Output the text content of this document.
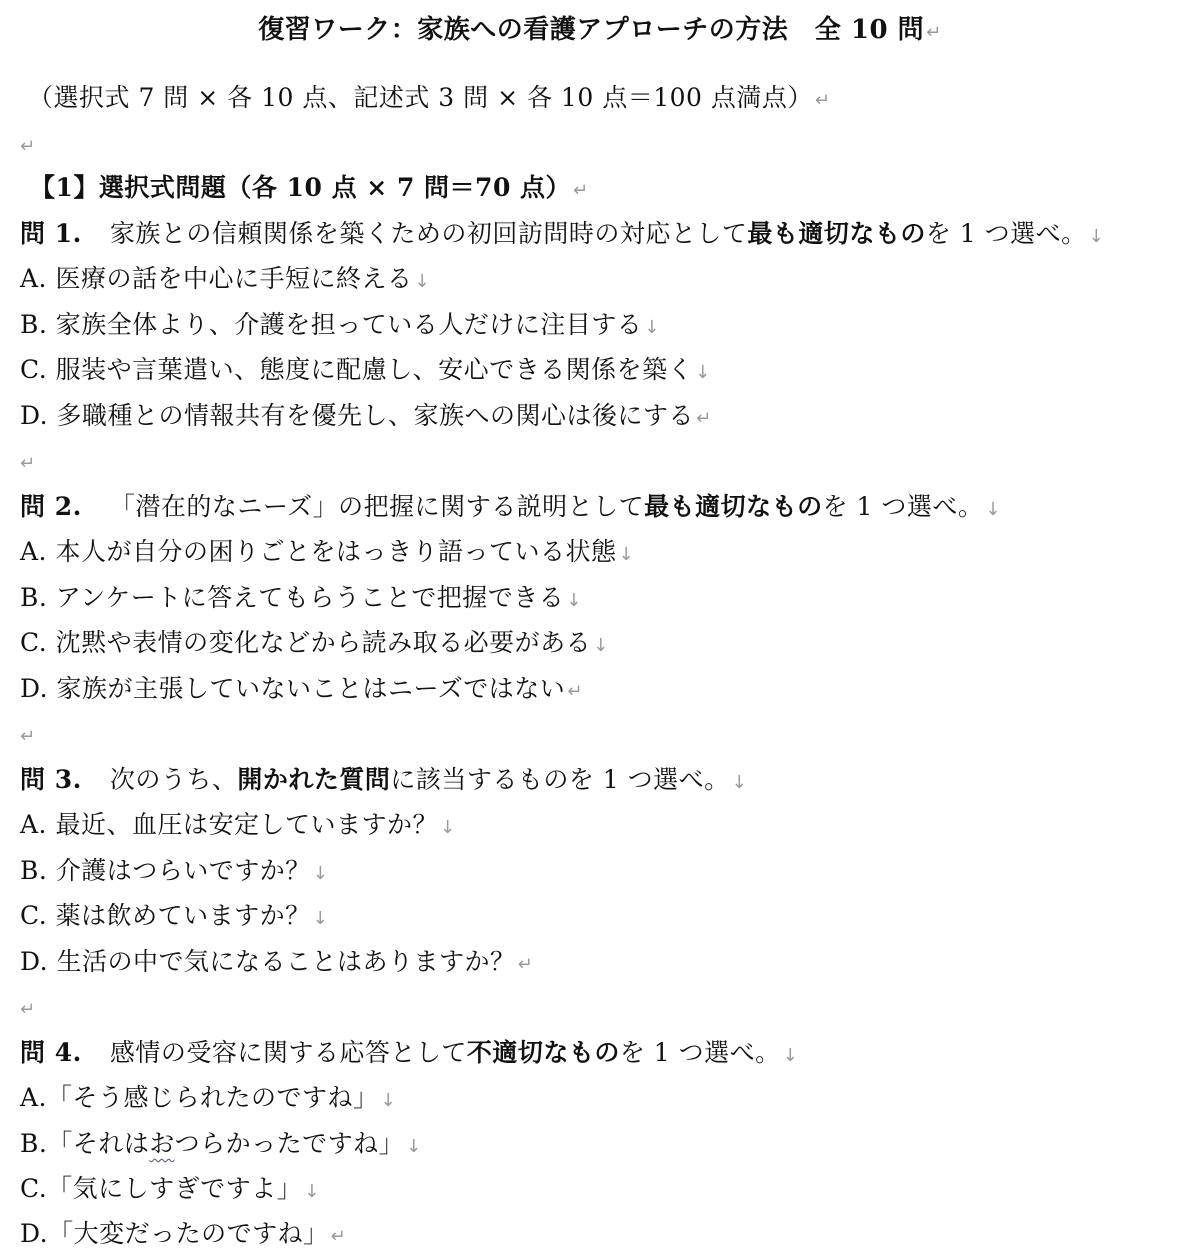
復習ワーク：家族への看護アプローチの方法　全 10 問 ↵
（選択式 7 問 × 各 10 点、記述式 3 問 × 各 10 点＝100 点満点） ↵
↵
【1】選択式問題（各 10 点 × 7 問＝70 点） ↵
問 1. 家族との信頼関係を築くための初回訪問時の対応として最も適切なものを 1 つ選べ。 ↓
A. 医療の話を中心に手短に終える ↓
B. 家族全体より、介護を担っている人だけに注目する ↓
C. 服装や言葉遣い、態度に配慮し、安心できる関係を築く ↓
D. 多職種との情報共有を優先し、家族への関心は後にする ↵
↵
問 2. 「潜在的なニーズ」の把握に関する説明として最も適切なものを 1 つ選べ。 ↓
A. 本人が自分の困りごとをはっきり語っている状態 ↓
B. アンケートに答えてもらうことで把握できる ↓
C. 沈黙や表情の変化などから読み取る必要がある ↓
D. 家族が主張していないことはニーズではない ↵
↵
問 3. 次のうち、開かれた質問に該当するものを 1 つ選べ。 ↓
A. 最近、血圧は安定していますか？ ↓
B. 介護はつらいですか？ ↓
C. 薬は飲めていますか？ ↓
D. 生活の中で気になることはありますか？ ↵
↵
問 4. 感情の受容に関する応答として不適切なものを 1 つ選べ。 ↓
A.「そう感じられたのですね」 ↓
B.「それはおつらかったですね」 ↓
C.「気にしすぎですよ」 ↓
D.「大変だったのですね」 ↵
